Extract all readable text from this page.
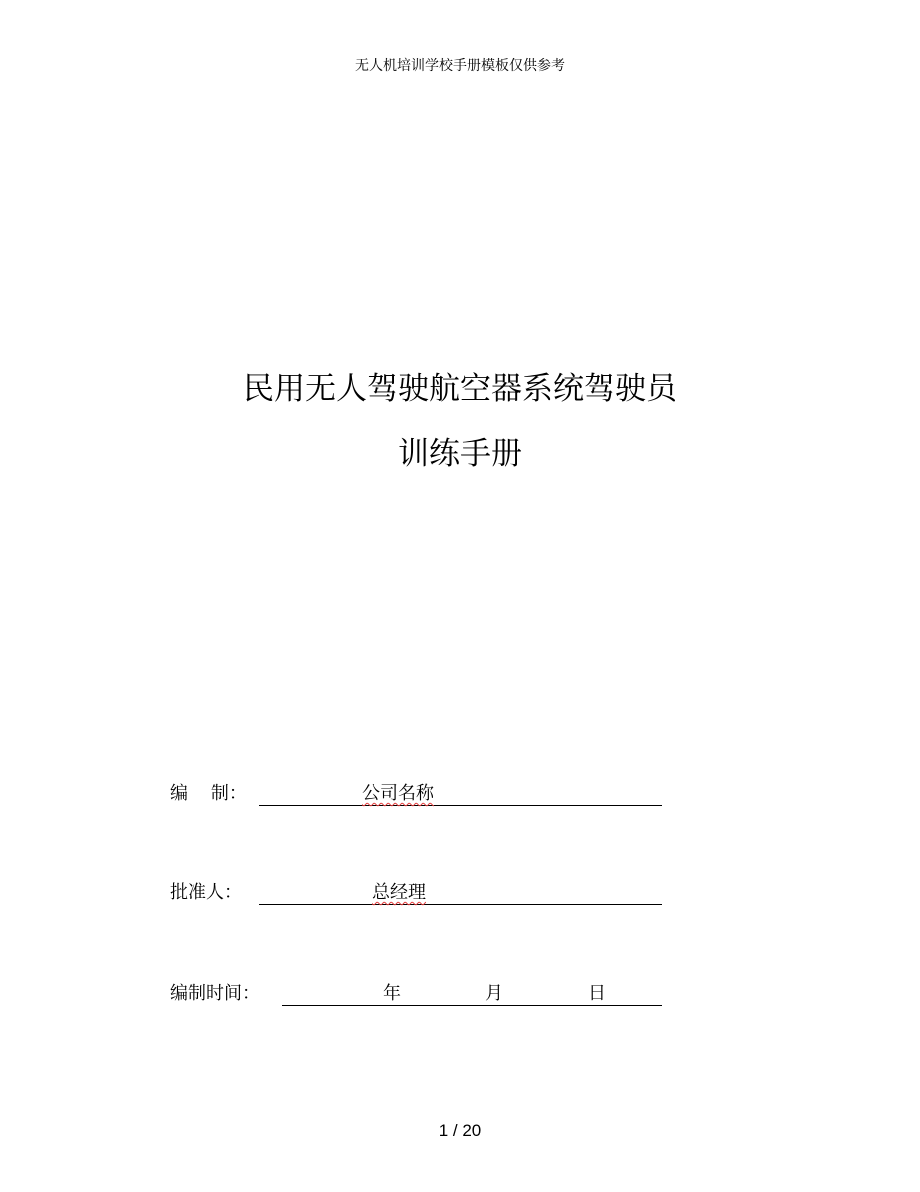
无人机培训学校手册模板仅供参考
民用无人驾驶航空器系统驾驶员
训练手册
编    制：	公司名称
批准人：	总经理
编制时间：	年	月	日
1 / 20
